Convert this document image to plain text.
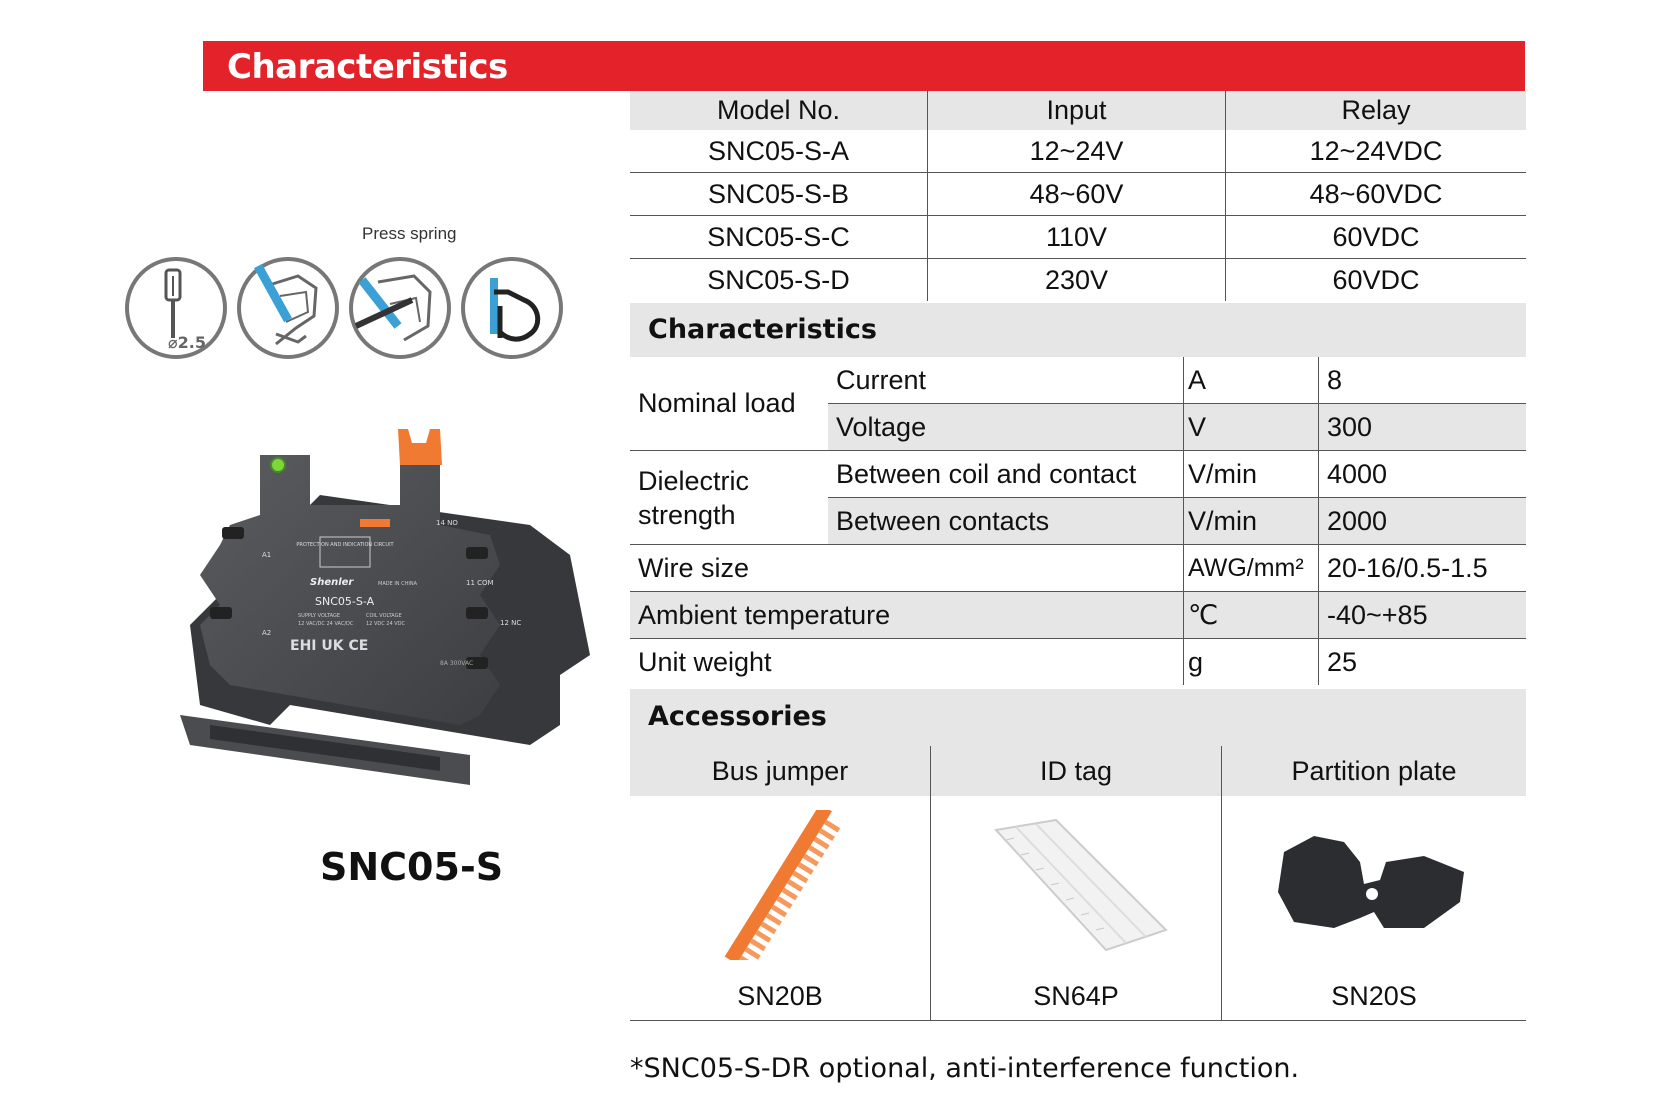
Characteristics
Press spring
⌀2.5
PROTECTION AND INDICATION CIRCUIT
A1
A2
14 NO
11 COM
12 NC
Shenler	MADE IN CHINA
SNC05-S-A
SUPPLY VOLTAGE
12 VAC/DC 24 VAC/DC
COIL VOLTAGE
12 VDC 24 VDC
EHI UK CE
8A 300VAC
SNC05-S
Model No.	Input	Relay
SNC05-S-A	12~24V	12~24VDC
SNC05-S-B	48~60V	48~60VDC
SNC05-S-C	110V	60VDC
SNC05-S-D	230V	60VDC
Characteristics
Nominal load	Current	A	8
	Voltage	V	300
Dielectric strength	Between coil and contact	V/min	4000
	Between contacts	V/min	2000
Wire size		AWG/mm²	20-16/0.5-1.5
Ambient temperature		℃	-40~+85
Unit weight		g	25
Accessories
Bus jumper
SN20B
ID tag
SN64P
Partition plate
SN20S
*SNC05-S-DR optional, anti-interference function.
